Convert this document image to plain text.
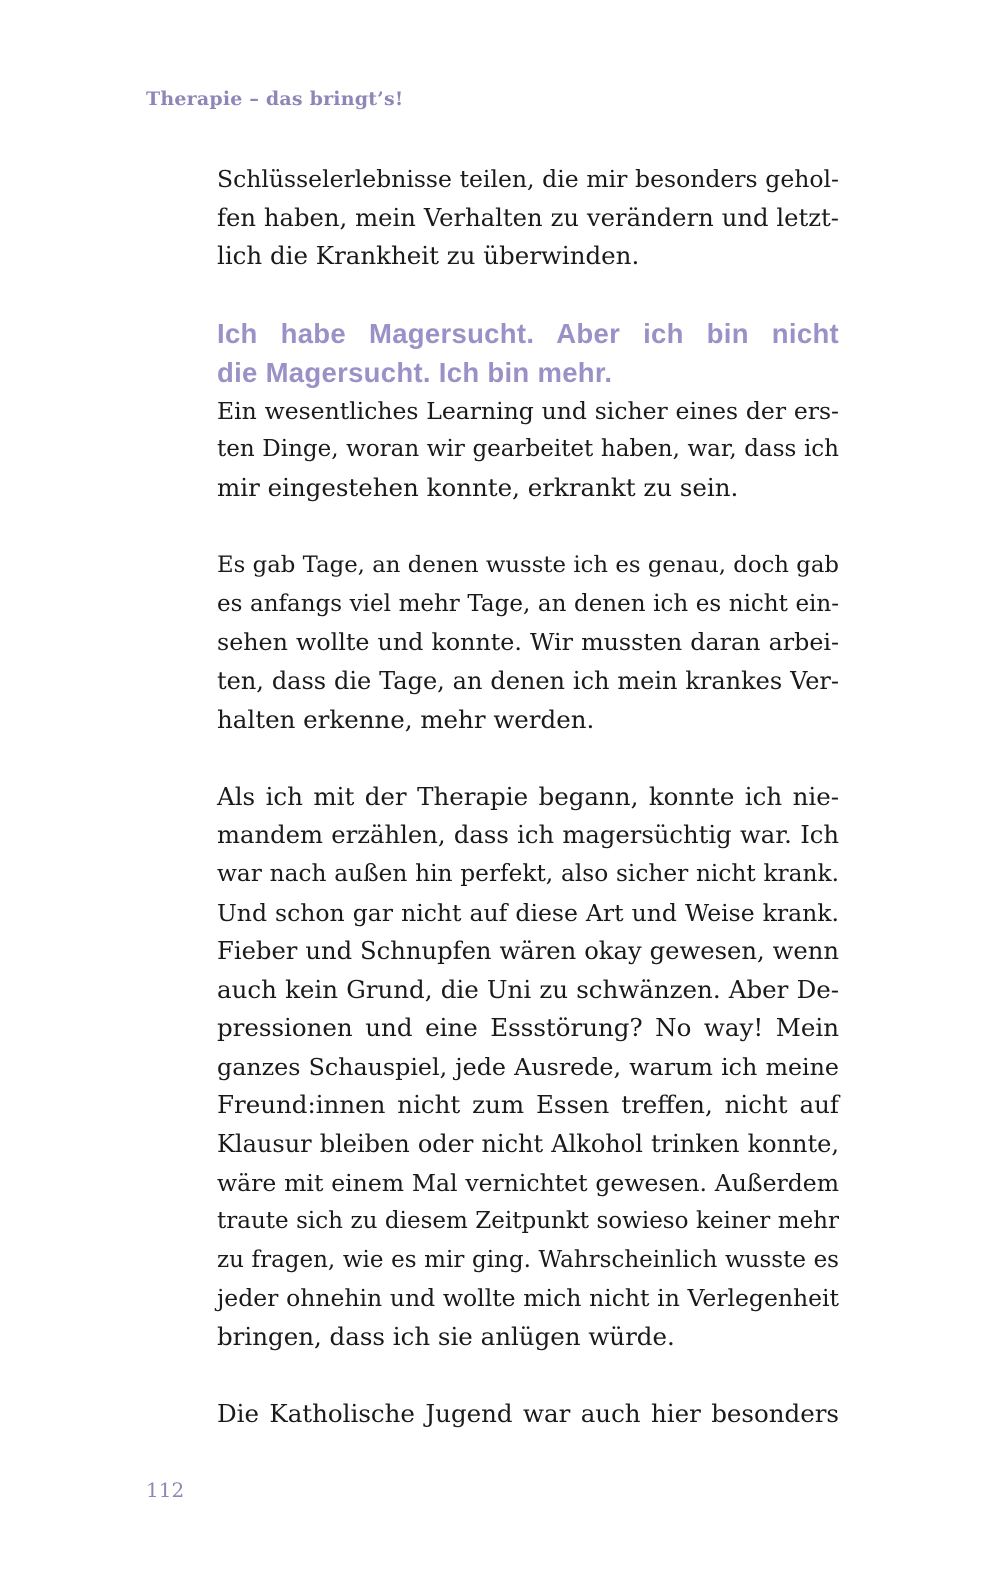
Therapie – das bringt’s!
Schlüsselerlebnisse teilen, die mir besonders gehol-
fen haben, mein Verhalten zu verändern und letzt-
lich die Krankheit zu überwinden.
Ich habe Magersucht. Aber ich bin nicht
die Magersucht. Ich bin mehr.
Ein wesentliches Learning und sicher eines der ers-
ten Dinge, woran wir gearbeitet haben, war, dass ich
mir eingestehen konnte, erkrankt zu sein.
Es gab Tage, an denen wusste ich es genau, doch gab
es anfangs viel mehr Tage, an denen ich es nicht ein-
sehen wollte und konnte. Wir mussten daran arbei-
ten, dass die Tage, an denen ich mein krankes Ver-
halten erkenne, mehr werden.
Als ich mit der Therapie begann, konnte ich nie-
mandem erzählen, dass ich magersüchtig war. Ich
war nach außen hin perfekt, also sicher nicht krank.
Und schon gar nicht auf diese Art und Weise krank.
Fieber und Schnupfen wären okay gewesen, wenn
auch kein Grund, die Uni zu schwänzen. Aber De-
pressionen und eine Essstörung? No way! Mein
ganzes Schauspiel, jede Ausrede, warum ich meine
Freund:innen nicht zum Essen treffen, nicht auf
Klausur bleiben oder nicht Alkohol trinken konnte,
wäre mit einem Mal vernichtet gewesen. Außerdem
traute sich zu diesem Zeitpunkt sowieso keiner mehr
zu fragen, wie es mir ging. Wahrscheinlich wusste es
jeder ohnehin und wollte mich nicht in Verlegenheit
bringen, dass ich sie anlügen würde.
Die Katholische Jugend war auch hier besonders
112
